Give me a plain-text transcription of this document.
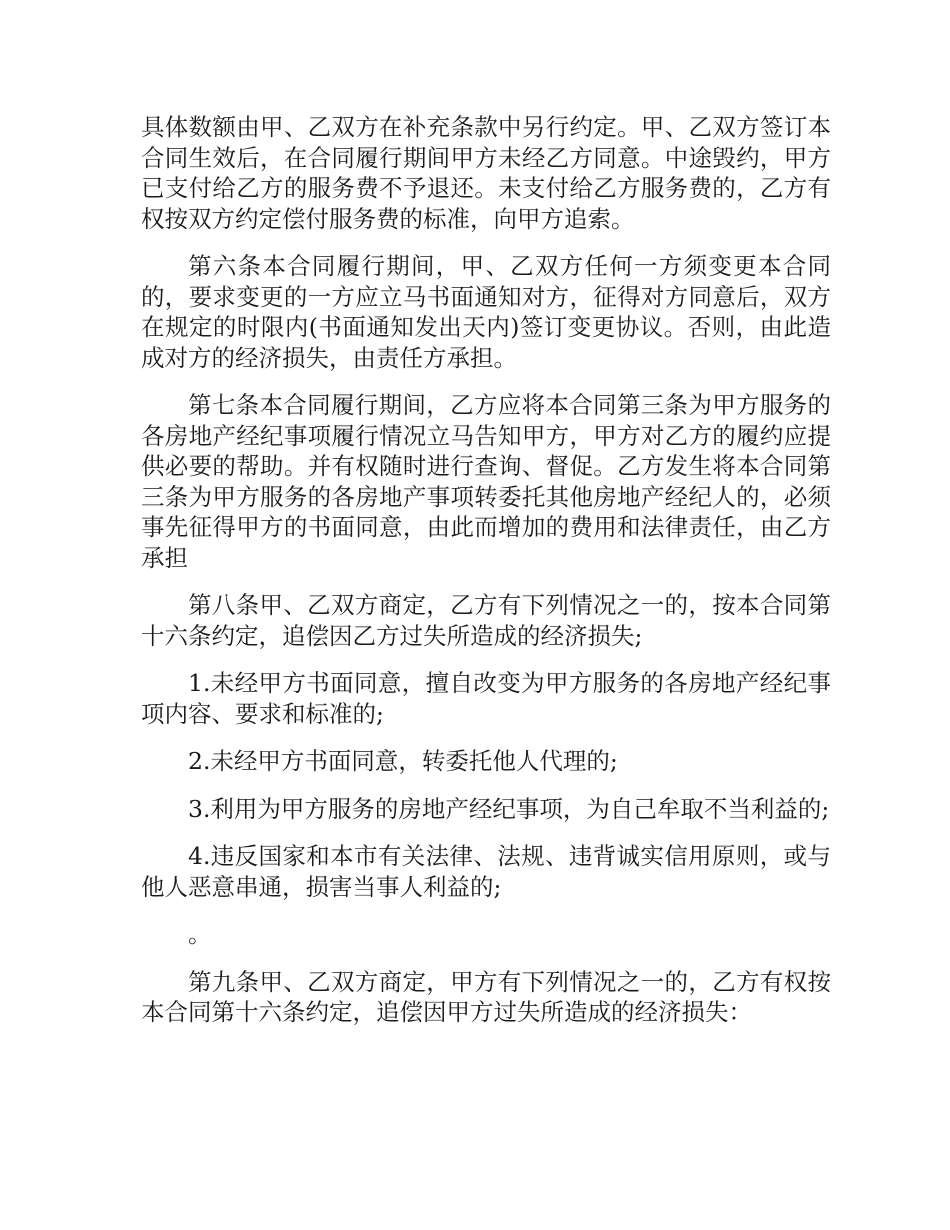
具体数额由甲、乙双方在补充条款中另行约定。甲、乙双方签订本合同生效后，在合同履行期间甲方未经乙方同意。中途毁约，甲方已支付给乙方的服务费不予退还。未支付给乙方服务费的，乙方有权按双方约定偿付服务费的标准，向甲方追索。

第六条本合同履行期间，甲、乙双方任何一方须变更本合同的，要求变更的一方应立马书面通知对方，征得对方同意后，双方在规定的时限内(书面通知发出天内)签订变更协议。否则，由此造成对方的经济损失，由责任方承担。

第七条本合同履行期间，乙方应将本合同第三条为甲方服务的各房地产经纪事项履行情况立马告知甲方，甲方对乙方的履约应提供必要的帮助。并有权随时进行查询、督促。乙方发生将本合同第三条为甲方服务的各房地产事项转委托其他房地产经纪人的，必须事先征得甲方的书面同意，由此而增加的费用和法律责任，由乙方承担

第八条甲、乙双方商定，乙方有下列情况之一的，按本合同第十六条约定，追偿因乙方过失所造成的经济损失;

1.未经甲方书面同意，擅自改变为甲方服务的各房地产经纪事项内容、要求和标准的;

2.未经甲方书面同意，转委托他人代理的;

3.利用为甲方服务的房地产经纪事项，为自己牟取不当利益的;

4.违反国家和本市有关法律、法规、违背诚实信用原则，或与他人恶意串通，损害当事人利益的;

。

第九条甲、乙双方商定，甲方有下列情况之一的，乙方有权按本合同第十六条约定，追偿因甲方过失所造成的经济损失：
